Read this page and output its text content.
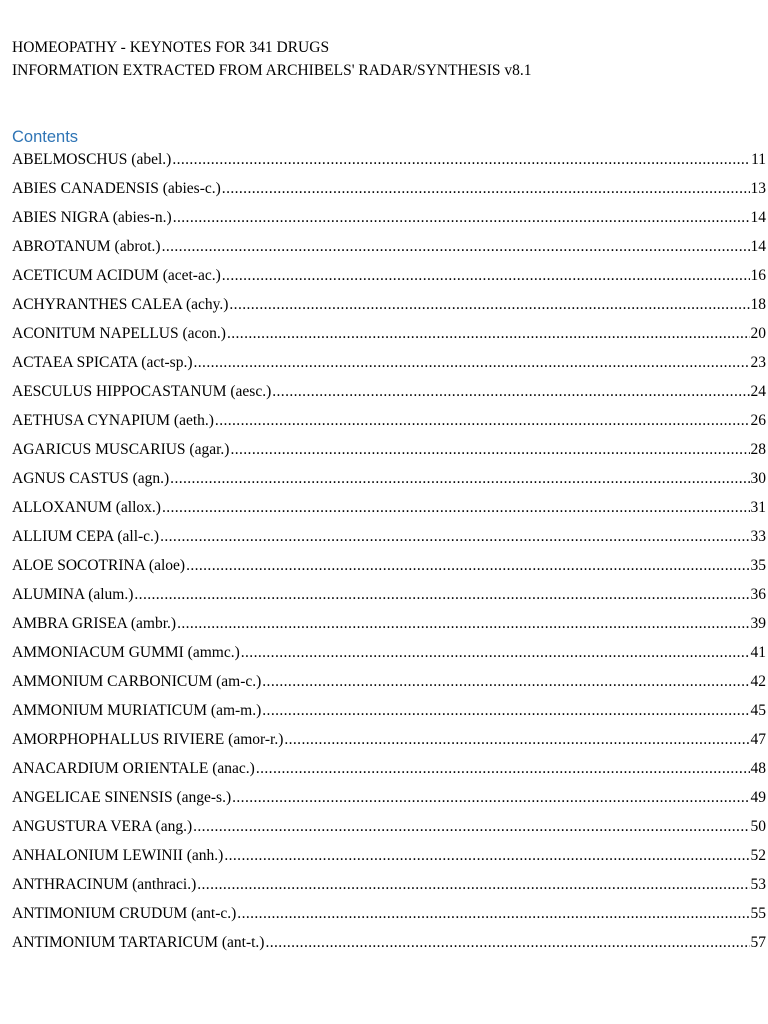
HOMEOPATHY - KEYNOTES FOR 341 DRUGS
INFORMATION EXTRACTED FROM ARCHIBELS' RADAR/SYNTHESIS v8.1
Contents
ABELMOSCHUS (abel.) .....	11
ABIES CANADENSIS (abies-c.) .....	13
ABIES NIGRA (abies-n.) .....	14
ABROTANUM (abrot.) .....	14
ACETICUM ACIDUM (acet-ac.) .....	16
ACHYRANTHES CALEA (achy.) .....	18
ACONITUM NAPELLUS (acon.) .....	20
ACTAEA SPICATA (act-sp.) .....	23
AESCULUS HIPPOCASTANUM (aesc.) .....	24
AETHUSA CYNAPIUM (aeth.) .....	26
AGARICUS MUSCARIUS (agar.) .....	28
AGNUS CASTUS (agn.) .....	30
ALLOXANUM (allox.) .....	31
ALLIUM CEPA (all-c.) .....	33
ALOE SOCOTRINA (aloe) .....	35
ALUMINA (alum.) .....	36
AMBRA GRISEA (ambr.) .....	39
AMMONIACUM GUMMI (ammc.) .....	41
AMMONIUM CARBONICUM (am-c.) .....	42
AMMONIUM MURIATICUM (am-m.) .....	45
AMORPHOPHALLUS RIVIERE (amor-r.) .....	47
ANACARDIUM ORIENTALE (anac.) .....	48
ANGELICAE SINENSIS (ange-s.) .....	49
ANGUSTURA VERA (ang.) .....	50
ANHALONIUM LEWINII (anh.) .....	52
ANTHRACINUM (anthraci.) .....	53
ANTIMONIUM CRUDUM (ant-c.) .....	55
ANTIMONIUM TARTARICUM (ant-t.) .....	57
